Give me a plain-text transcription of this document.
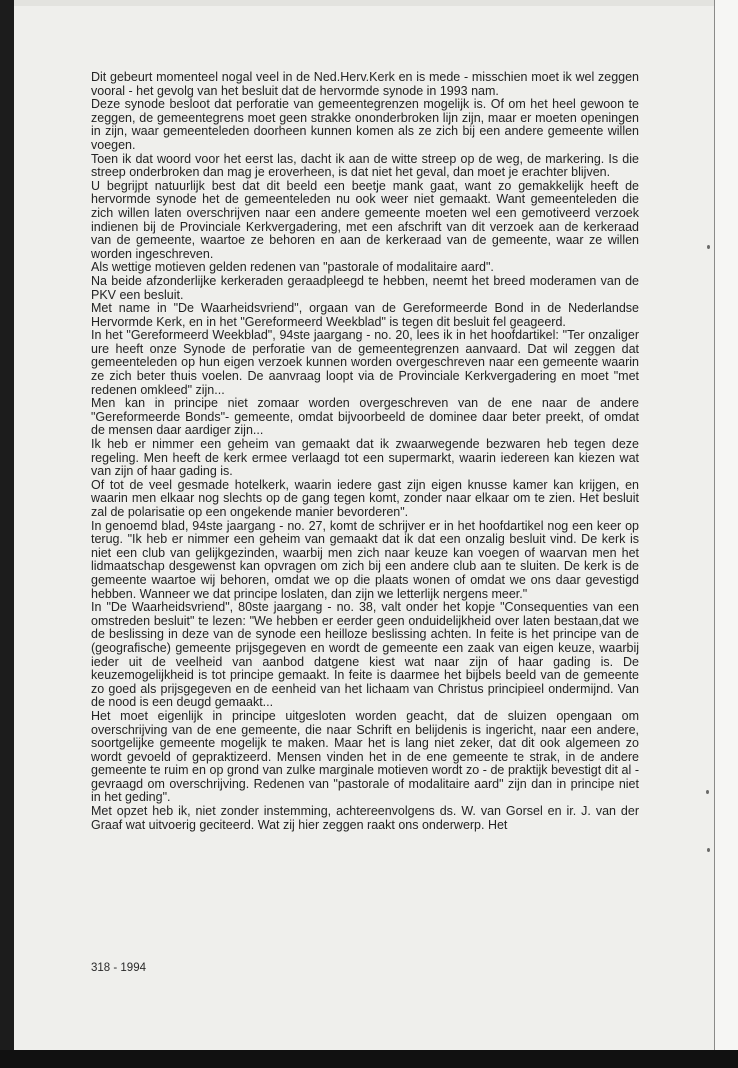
Dit gebeurt momenteel nogal veel in de Ned.Herv.Kerk en is mede - misschien moet ik wel zeggen vooral - het gevolg van het besluit dat de hervormde synode in 1993 nam.

Deze synode besloot dat perforatie van gemeentegrenzen mogelijk is. Of om het heel gewoon te zeggen, de gemeentegrens moet geen strakke ononderbroken lijn zijn, maar er moeten openingen in zijn, waar gemeenteleden doorheen kunnen komen als ze zich bij een andere gemeente willen voegen.

Toen ik dat woord voor het eerst las, dacht ik aan de witte streep op de weg, de markering. Is die streep onderbroken dan mag je eroverheen, is dat niet het geval, dan moet je erachter blijven.

U begrijpt natuurlijk best dat dit beeld een beetje mank gaat, want zo gemakkelijk heeft de hervormde synode het de gemeenteleden nu ook weer niet gemaakt. Want gemeenteleden die zich willen laten overschrijven naar een andere gemeente moeten wel een gemotiveerd verzoek indienen bij de Provinciale Kerkvergadering, met een afschrift van dit verzoek aan de kerkeraad van de gemeente, waartoe ze behoren en aan de kerkeraad van de gemeente, waar ze willen worden ingeschreven.

Als wettige motieven gelden redenen van "pastorale of modalitaire aard".

Na beide afzonderlijke kerkeraden geraadpleegd te hebben, neemt het breed moderamen van de PKV een besluit.

Met name in "De Waarheidsvriend", orgaan van de Gereformeerde Bond in de Nederlandse Hervormde Kerk, en in het "Gereformeerd Weekblad" is tegen dit besluit fel geageerd.

In het "Gereformeerd Weekblad", 94ste jaargang - no. 20, lees ik in het hoofdartikel: "Ter onzaliger ure heeft onze Synode de perforatie van de gemeentegrenzen aanvaard. Dat wil zeggen dat gemeenteleden op hun eigen verzoek kunnen worden overgeschreven naar een gemeente waarin ze zich beter thuis voelen. De aanvraag loopt via de Provinciale Kerkvergadering en moet "met redenen omkleed" zijn...

Men kan in principe niet zomaar worden overgeschreven van de ene naar de andere "Gereformeerde Bonds"- gemeente, omdat bijvoorbeeld de dominee daar beter preekt, of omdat de mensen daar aardiger zijn...

Ik heb er nimmer een geheim van gemaakt dat ik zwaarwegende bezwaren heb tegen deze regeling. Men heeft de kerk ermee verlaagd tot een supermarkt, waarin iedereen kan kiezen wat van zijn of haar gading is.

Of tot de veel gesmade hotelkerk, waarin iedere gast zijn eigen knusse kamer kan krijgen, en waarin men elkaar nog slechts op de gang tegen komt, zonder naar elkaar om te zien. Het besluit zal de polarisatie op een ongekende manier bevorderen".

In genoemd blad, 94ste jaargang - no. 27, komt de schrijver er in het hoofdartikel nog een keer op terug. "Ik heb er nimmer een geheim van gemaakt dat ik dat een onzalig besluit vind. De kerk is niet een club van gelijkgezinden, waarbij men zich naar keuze kan voegen of waarvan men het lidmaatschap desgewenst kan opvragen om zich bij een andere club aan te sluiten. De kerk is de gemeente waartoe wij behoren, omdat we op die plaats wonen of omdat we ons daar gevestigd hebben. Wanneer we dat principe loslaten, dan zijn we letterlijk nergens meer."

In "De Waarheidsvriend", 80ste jaargang - no. 38, valt onder het kopje "Consequenties van een omstreden besluit" te lezen: "We hebben er eerder geen onduidelijkheid over laten bestaan,dat we de beslissing in deze van de synode een heilloze beslissing achten. In feite is het principe van de (geografische) gemeente prijsgegeven en wordt de gemeente een zaak van eigen keuze, waarbij ieder uit de veelheid van aanbod datgene kiest wat naar zijn of haar gading is. De keuzemogelijkheid is tot principe gemaakt. In feite is daarmee het bijbels beeld van de gemeente zo goed als prijsgegeven en de eenheid van het lichaam van Christus principieel ondermijnd. Van de nood is een deugd gemaakt...

Het moet eigenlijk in principe uitgesloten worden geacht, dat de sluizen opengaan om overschrijving van de ene gemeente, die naar Schrift en belijdenis is ingericht, naar een andere, soortgelijke gemeente mogelijk te maken. Maar het is lang niet zeker, dat dit ook algemeen zo wordt gevoeld of gepraktizeerd. Mensen vinden het in de ene gemeente te strak, in de andere gemeente te ruim en op grond van zulke marginale motieven wordt zo - de praktijk bevestigt dit al - gevraagd om overschrijving. Redenen van "pastorale of modalitaire aard" zijn dan in principe niet in het geding".

Met opzet heb ik, niet zonder instemming, achtereenvolgens ds. W. van Gorsel en ir. J. van der Graaf wat uitvoerig geciteerd. Wat zij hier zeggen raakt ons onderwerp. Het

318 - 1994
